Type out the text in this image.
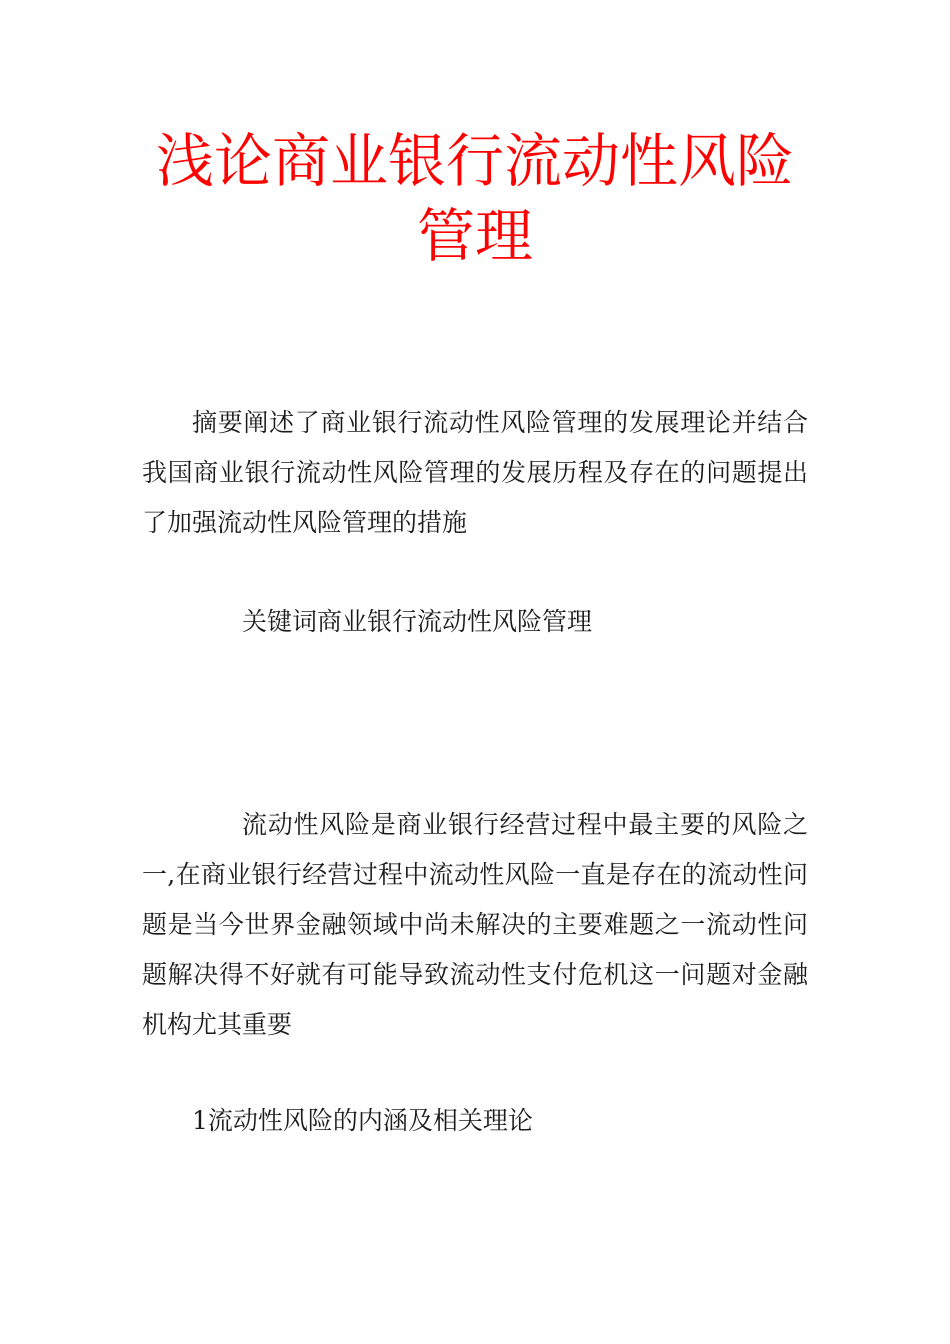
浅论商业银行流动性风险管理

摘要阐述了商业银行流动性风险管理的发展理论并结合我国商业银行流动性风险管理的发展历程及存在的问题提出了加强流动性风险管理的措施

关键词商业银行流动性风险管理

流动性风险是商业银行经营过程中最主要的风险之一,在商业银行经营过程中流动性风险一直是存在的流动性问题是当今世界金融领域中尚未解决的主要难题之一流动性问题解决得不好就有可能导致流动性支付危机这一问题对金融机构尤其重要

1流动性风险的内涵及相关理论
